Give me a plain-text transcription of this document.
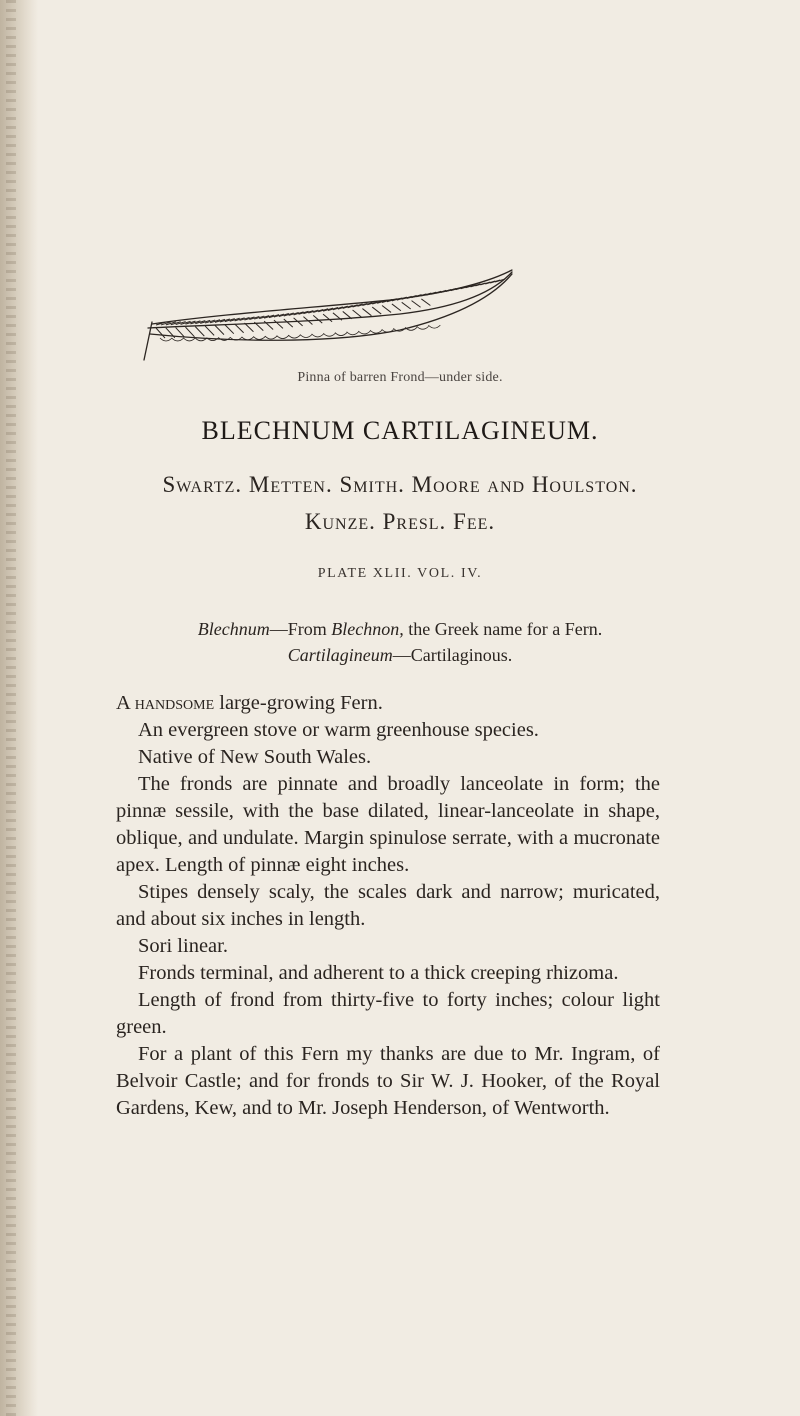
Pinna of barren Frond—under side.
BLECHNUM CARTILAGINEUM.
Swartz. Metten. Smith. Moore and Houlston.
Kunze. Presl. Fee.
PLATE XLII. VOL. IV.
Blechnum—From Blechnon, the Greek name for a Fern.
Cartilagineum—Cartilaginous.

A handsome large-growing Fern.

An evergreen stove or warm greenhouse species.

Native of New South Wales.

The fronds are pinnate and broadly lanceolate in form; the pinnæ sessile, with the base dilated, linear-lanceolate in shape, oblique, and undulate. Margin spinulose serrate, with a mucronate apex. Length of pinnæ eight inches.

Stipes densely scaly, the scales dark and narrow; muricated, and about six inches in length.

Sori linear.

Fronds terminal, and adherent to a thick creeping rhizoma.

Length of frond from thirty-five to forty inches; colour light green.

For a plant of this Fern my thanks are due to Mr. Ingram, of Belvoir Castle; and for fronds to Sir W. J. Hooker, of the Royal Gardens, Kew, and to Mr. Joseph Henderson, of Wentworth.
